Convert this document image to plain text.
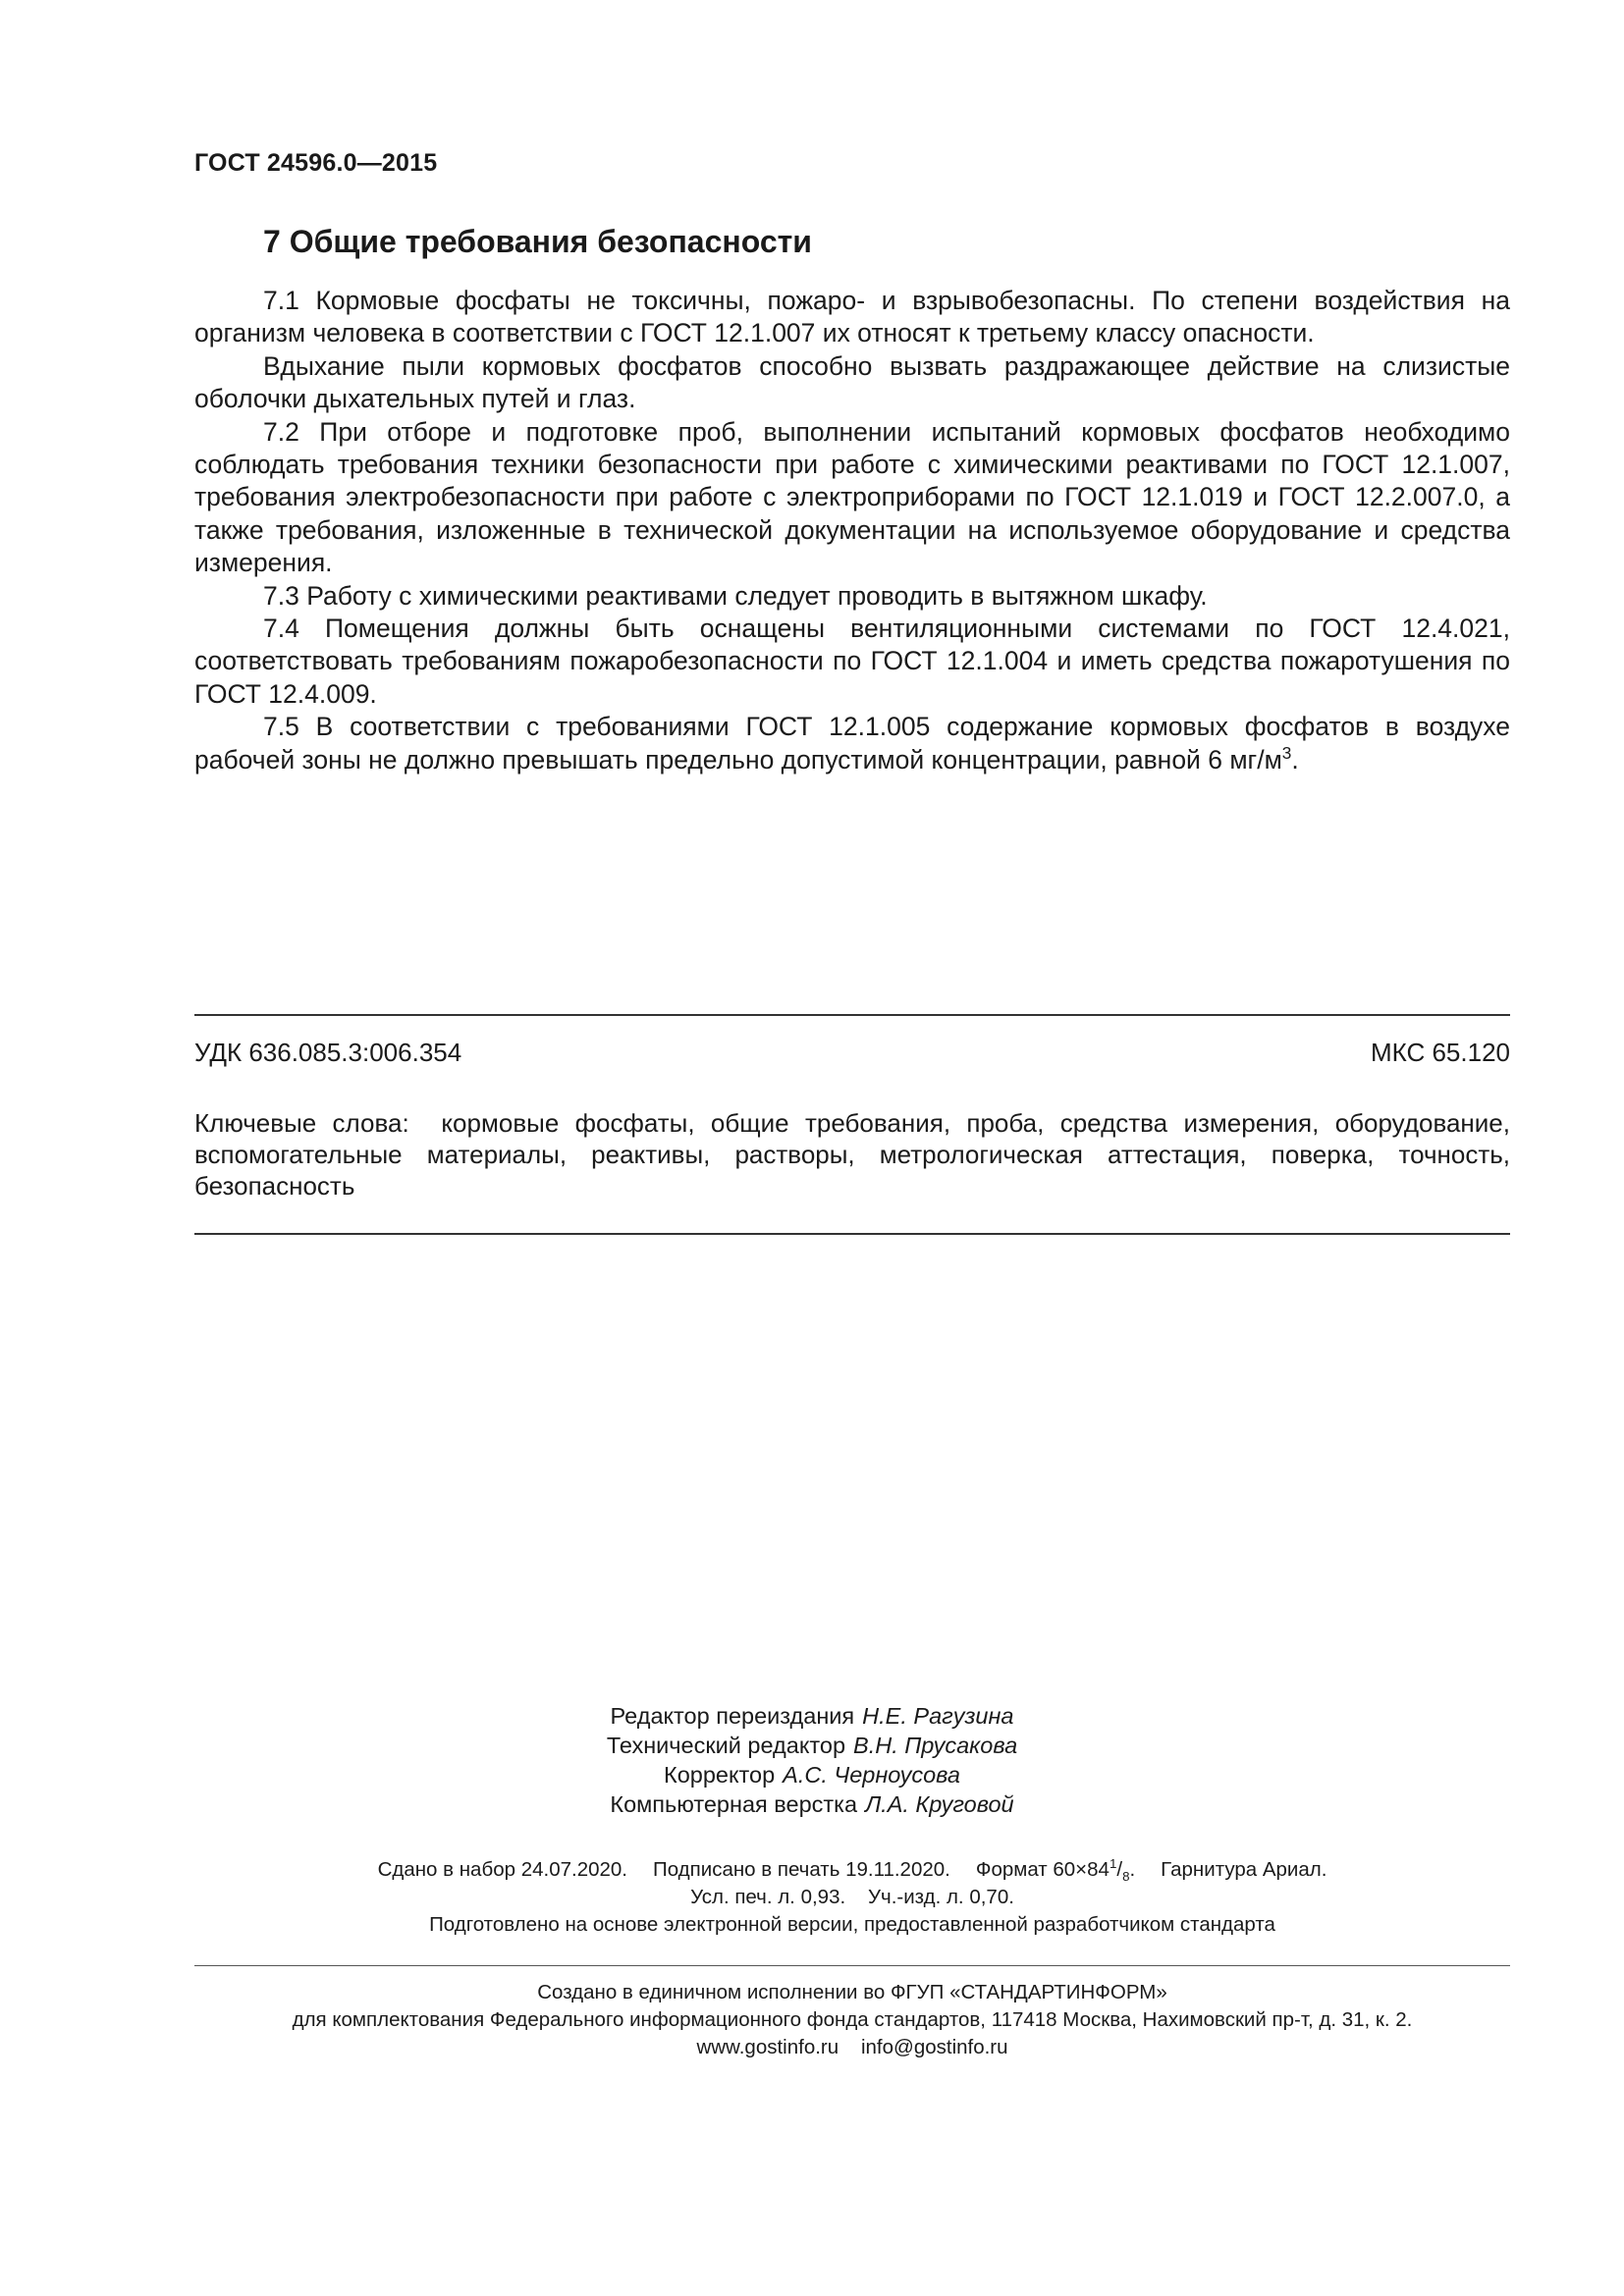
ГОСТ 24596.0—2015
7 Общие требования безопасности

7.1 Кормовые фосфаты не токсичны, пожаро- и взрывобезопасны. По степени воздействия на организм человека в соответствии с ГОСТ 12.1.007 их относят к третьему классу опасности.

Вдыхание пыли кормовых фосфатов способно вызвать раздражающее действие на слизистые оболочки дыхательных путей и глаз.

7.2 При отборе и подготовке проб, выполнении испытаний кормовых фосфатов необходимо соблюдать требования техники безопасности при работе с химическими реактивами по ГОСТ 12.1.007, требования электробезопасности при работе с электроприборами по ГОСТ 12.1.019 и ГОСТ 12.2.007.0, а также требования, изложенные в технической документации на используемое оборудование и средства измерения.

7.3 Работу с химическими реактивами следует проводить в вытяжном шкафу.

7.4 Помещения должны быть оснащены вентиляционными системами по ГОСТ 12.4.021, соответствовать требованиям пожаробезопасности по ГОСТ 12.1.004 и иметь средства пожаротушения по ГОСТ 12.4.009.

7.5 В соответствии с требованиями ГОСТ 12.1.005 содержание кормовых фосфатов в воздухе рабочей зоны не должно превышать предельно допустимой концентрации, равной 6 $мг/м^3$.

УДК 636.085.3:006.354	МКС 65.120
Ключевые слова: кормовые фосфаты, общие требования, проба, средства измерения, оборудование, вспомогательные материалы, реактивы, растворы, метрологическая аттестация, поверка, точность, безопасность
Редактор переиздания Н.Е. Рагузина
Технический редактор В.Н. Прусакова
Корректор А.С. Черноусова
Компьютерная верстка Л.А. Круговой
Сдано в набор 24.07.2020. Подписано в печать 19.11.2020. Формат $60\times 84^1/_8$. Гарнитура Ариал.
Усл. печ. л. 0,93. Уч.-изд. л. 0,70.
Подготовлено на основе электронной версии, предоставленной разработчиком стандарта
Создано в единичном исполнении во ФГУП «СТАНДАРТИНФОРМ»
для комплектования Федерального информационного фонда стандартов, 117418 Москва, Нахимовский пр-т, д. 31, к. 2.
www.gostinfo.ru info@gostinfo.ru
